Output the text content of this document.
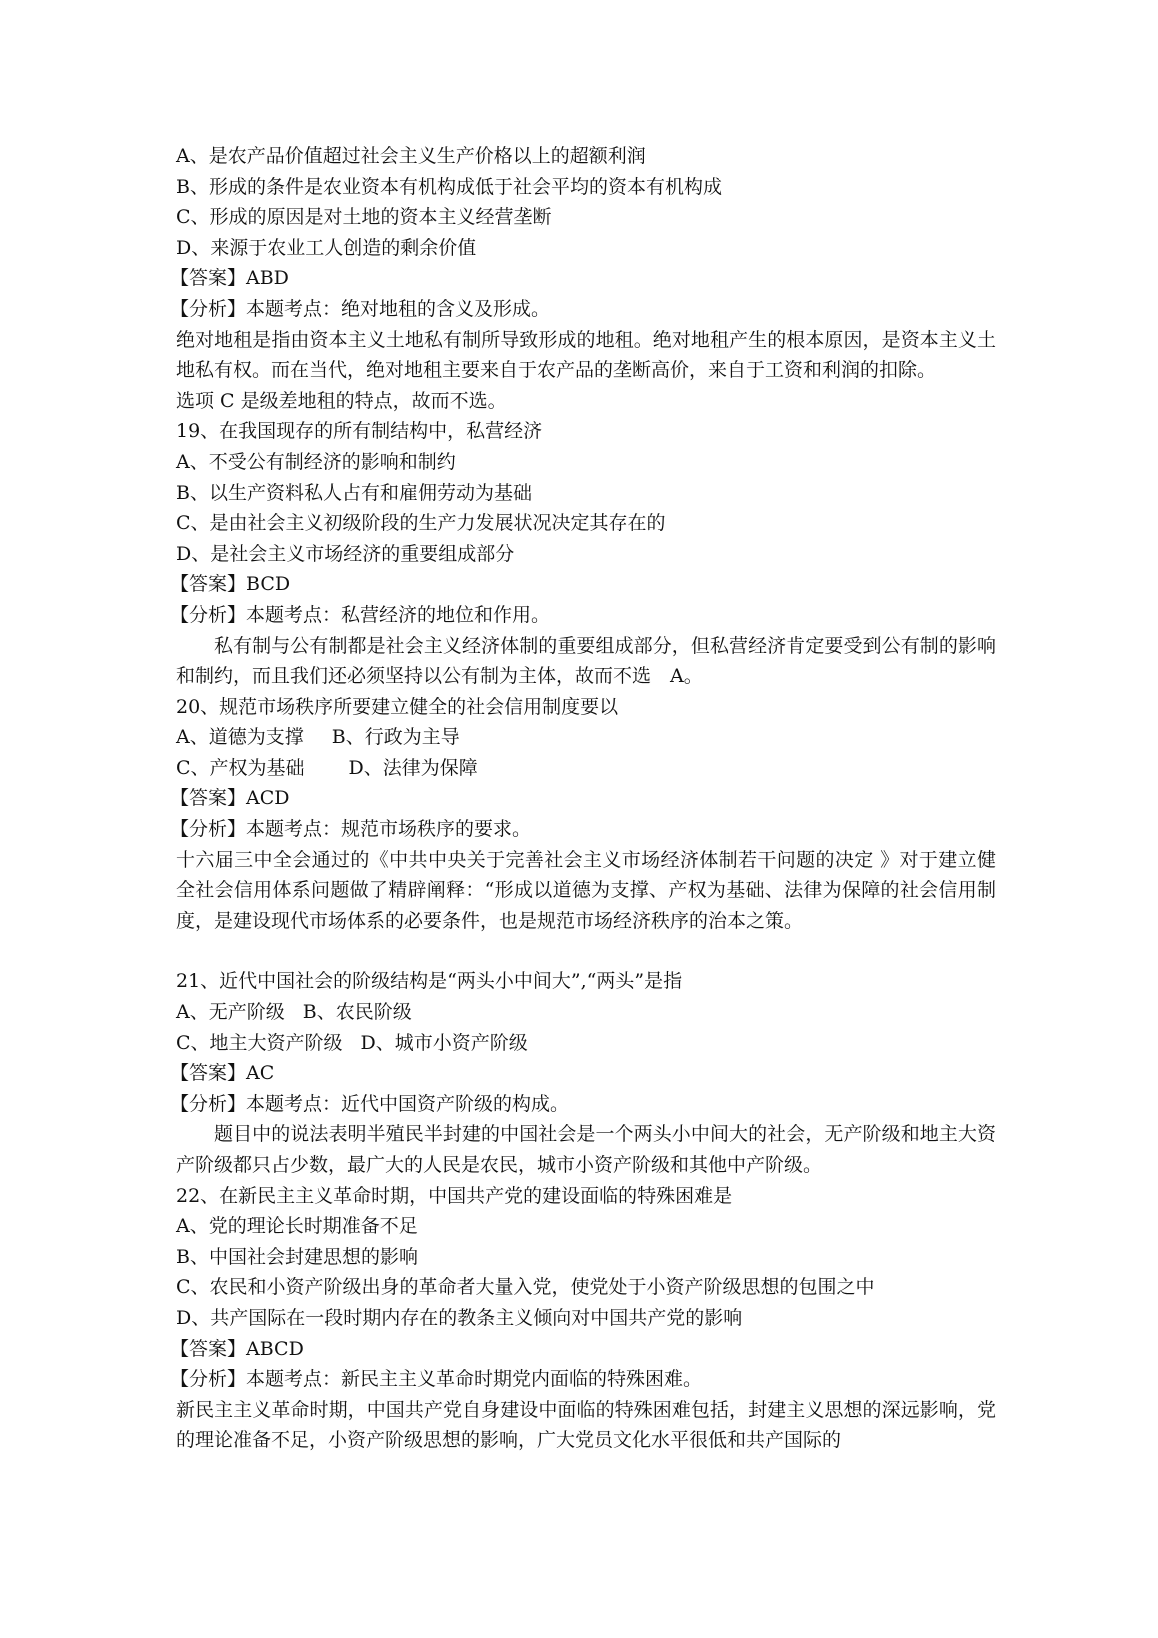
A、是农产品价值超过社会主义生产价格以上的超额利润
B、形成的条件是农业资本有机构成低于社会平均的资本有机构成
C、形成的原因是对土地的资本主义经营垄断
D、来源于农业工人创造的剩余价值
【答案】ABD
【分析】本题考点：绝对地租的含义及形成。
绝对地租是指由资本主义土地私有制所导致形成的地租。绝对地租产生的根本原因，是资本主义土地私有权。而在当代，绝对地租主要来自于农产品的垄断高价，来自于工资和利润的扣除。
选项 C 是级差地租的特点，故而不选。
19、在我国现存的所有制结构中，私营经济
A、不受公有制经济的影响和制约
B、以生产资料私人占有和雇佣劳动为基础
C、是由社会主义初级阶段的生产力发展状况决定其存在的
D、是社会主义市场经济的重要组成部分
【答案】BCD
【分析】本题考点：私营经济的地位和作用。
私有制与公有制都是社会主义经济体制的重要组成部分，但私营经济肯定要受到公有制的影响和制约，而且我们还必须坚持以公有制为主体，故而不选　A。
20、规范市场秩序所要建立健全的社会信用制度要以
A、道德为支撑 B、行政为主导
C、产权为基础 D、法律为保障
【答案】ACD
【分析】本题考点：规范市场秩序的要求。
十六届三中全会通过的《中共中央关于完善社会主义市场经济体制若干问题的决定 》对于建立健全社会信用体系问题做了精辟阐释：“形成以道德为支撑、产权为基础、法律为保障的社会信用制度，是建设现代市场体系的必要条件，也是规范市场经济秩序的治本之策。
21、近代中国社会的阶级结构是“两头小中间大”,“两头”是指
A、无产阶级 B、农民阶级
C、地主大资产阶级 D、城市小资产阶级
【答案】AC
【分析】本题考点：近代中国资产阶级的构成。
题目中的说法表明半殖民半封建的中国社会是一个两头小中间大的社会，无产阶级和地主大资产阶级都只占少数，最广大的人民是农民，城市小资产阶级和其他中产阶级。
22、在新民主主义革命时期，中国共产党的建设面临的特殊困难是
A、党的理论长时期准备不足
B、中国社会封建思想的影响
C、农民和小资产阶级出身的革命者大量入党，使党处于小资产阶级思想的包围之中
D、共产国际在一段时期内存在的教条主义倾向对中国共产党的影响
【答案】ABCD
【分析】本题考点：新民主主义革命时期党内面临的特殊困难。
新民主主义革命时期，中国共产党自身建设中面临的特殊困难包括，封建主义思想的深远影响，党的理论准备不足，小资产阶级思想的影响，广大党员文化水平很低和共产国际的
